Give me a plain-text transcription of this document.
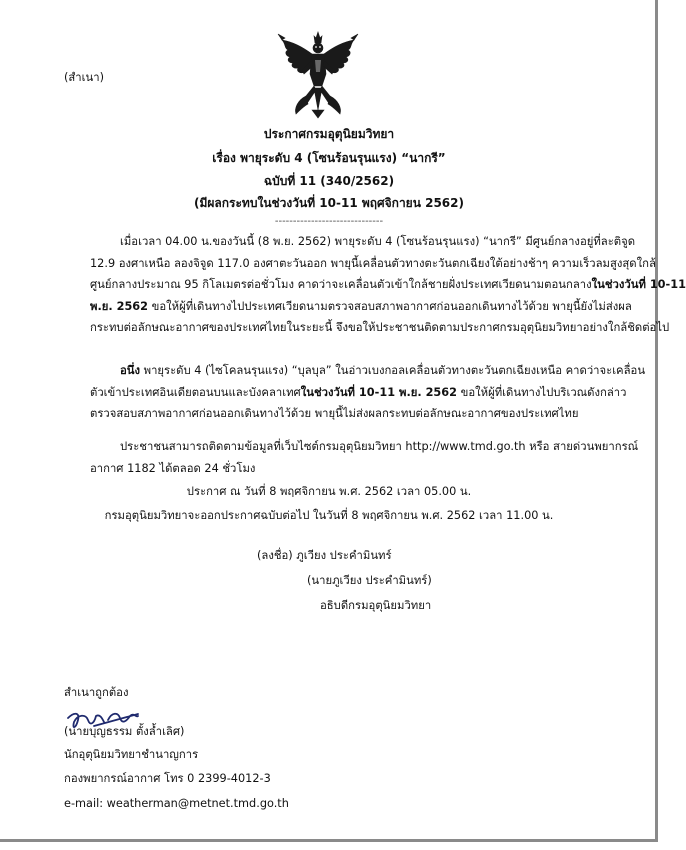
(สำเนา)
ประกาศกรมอุตุนิยมวิทยา
เรื่อง พายุระดับ 4 (โซนร้อนรุนแรง) “นากรี”
ฉบับที่ 11 (340/2562)
(มีผลกระทบในช่วงวันที่ 10-11 พฤศจิกายน 2562)
------------------------------
เมื่อเวลา 04.00 น.ของวันนี้ (8 พ.ย. 2562) พายุระดับ 4 (โซนร้อนรุนแรง) “นากรี” มีศูนย์กลางอยู่ที่ละติจูด
12.9 องศาเหนือ ลองจิจูด 117.0 องศาตะวันออก พายุนี้เคลื่อนตัวทางตะวันตกเฉียงใต้อย่างช้าๆ ความเร็วลมสูงสุดใกล้
ศูนย์กลางประมาณ 95 กิโลเมตรต่อชั่วโมง คาดว่าจะเคลื่อนตัวเข้าใกล้ชายฝั่งประเทศเวียดนามตอนกลางในช่วงวันที่ 10-11
พ.ย. 2562 ขอให้ผู้ที่เดินทางไปประเทศเวียดนามตรวจสอบสภาพอากาศก่อนออกเดินทางไว้ด้วย พายุนี้ยังไม่ส่งผล
กระทบต่อลักษณะอากาศของประเทศไทยในระยะนี้ จึงขอให้ประชาชนติดตามประกาศกรมอุตุนิยมวิทยาอย่างใกล้ชิดต่อไป
อนึ่ง พายุระดับ 4 (ไซโคลนรุนแรง) “บุลบุล” ในอ่าวเบงกอลเคลื่อนตัวทางตะวันตกเฉียงเหนือ คาดว่าจะเคลื่อน
ตัวเข้าประเทศอินเดียตอนบนและบังคลาเทศในช่วงวันที่ 10-11 พ.ย. 2562 ขอให้ผู้ที่เดินทางไปบริเวณดังกล่าว
ตรวจสอบสภาพอากาศก่อนออกเดินทางไว้ด้วย พายุนี้ไม่ส่งผลกระทบต่อลักษณะอากาศของประเทศไทย
ประชาชนสามารถติดตามข้อมูลที่เว็บไซต์กรมอุตุนิยมวิทยา http://www.tmd.go.th หรือ สายด่วนพยากรณ์
อากาศ 1182 ได้ตลอด 24 ชั่วโมง
ประกาศ ณ วันที่ 8 พฤศจิกายน พ.ศ. 2562 เวลา 05.00 น.
กรมอุตุนิยมวิทยาจะออกประกาศฉบับต่อไป ในวันที่ 8 พฤศจิกายน พ.ศ. 2562 เวลา 11.00 น.
(ลงชื่อ) ภูเวียง ประคำมินทร์
(นายภูเวียง ประคำมินทร์)
อธิบดีกรมอุตุนิยมวิทยา
สำเนาถูกต้อง
(นายบุญธรรม ตั้งล้ำเลิศ)
นักอุตุนิยมวิทยาชำนาญการ
กองพยากรณ์อากาศ โทร 0 2399-4012-3
e-mail: weatherman@metnet.tmd.go.th
